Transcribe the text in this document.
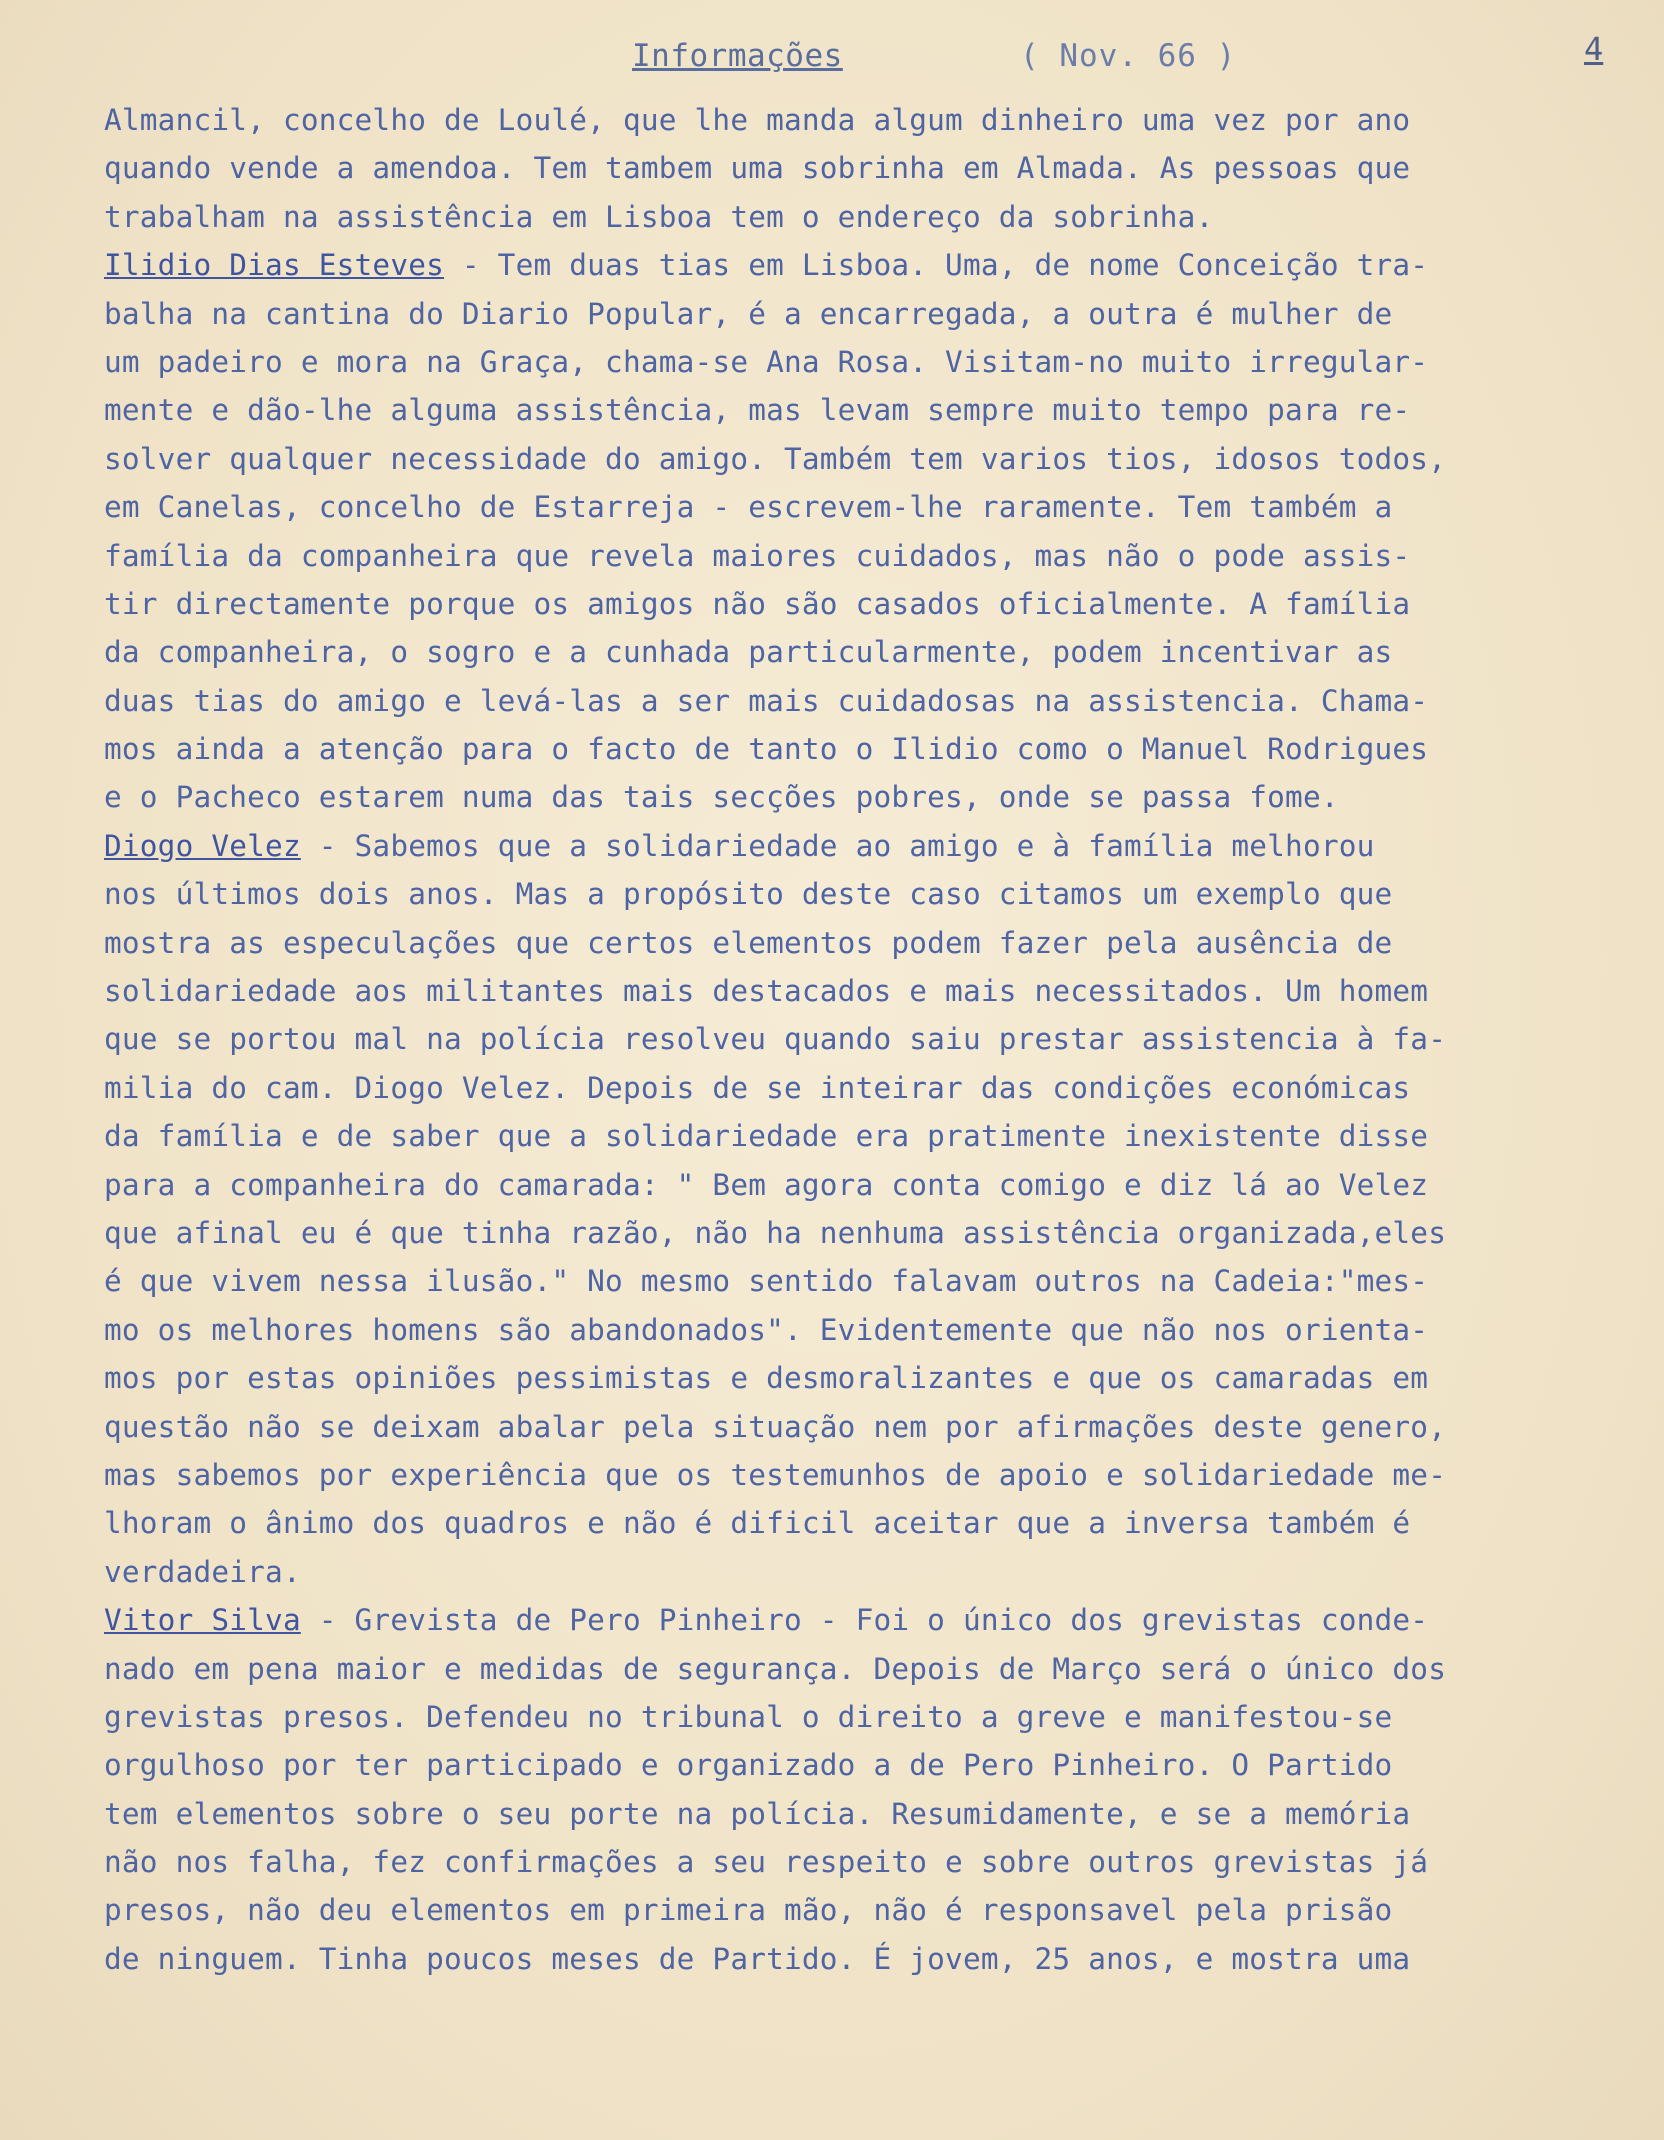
Informações	( Nov. 66 )	4
Almancil, concelho de Loulé, que lhe manda algum dinheiro uma vez por ano
quando vende a amendoa. Tem tambem uma sobrinha em Almada. As pessoas que
trabalham na assistência em Lisboa tem o endereço da sobrinha.
Ilidio Dias Esteves - Tem duas tias em Lisboa. Uma, de nome Conceição tra-
balha na cantina do Diario Popular, é a encarregada, a outra é mulher de
um padeiro e mora na Graça, chama-se Ana Rosa. Visitam-no muito irregular-
mente e dão-lhe alguma assistência, mas levam sempre muito tempo para re-
solver qualquer necessidade do amigo. Também tem varios tios, idosos todos,
em Canelas, concelho de Estarreja - escrevem-lhe raramente. Tem também a
família da companheira que revela maiores cuidados, mas não o pode assis-
tir directamente porque os amigos não são casados oficialmente. A família
da companheira, o sogro e a cunhada particularmente, podem incentivar as
duas tias do amigo e levá-las a ser mais cuidadosas na assistencia. Chama-
mos ainda a atenção para o facto de tanto o Ilidio como o Manuel Rodrigues
e o Pacheco estarem numa das tais secções pobres, onde se passa fome.
Diogo Velez - Sabemos que a solidariedade ao amigo e à família melhorou
nos últimos dois anos. Mas a propósito deste caso citamos um exemplo que
mostra as especulações que certos elementos podem fazer pela ausência de
solidariedade aos militantes mais destacados e mais necessitados. Um homem
que se portou mal na polícia resolveu quando saiu prestar assistencia à fa-
milia do cam. Diogo Velez. Depois de se inteirar das condições económicas
da família e de saber que a solidariedade era pratimente inexistente disse
para a companheira do camarada: " Bem agora conta comigo e diz lá ao Velez
que afinal eu é que tinha razão, não ha nenhuma assistência organizada,eles
é que vivem nessa ilusão." No mesmo sentido falavam outros na Cadeia:"mes-
mo os melhores homens são abandonados". Evidentemente que não nos orienta-
mos por estas opiniões pessimistas e desmoralizantes e que os camaradas em
questão não se deixam abalar pela situação nem por afirmações deste genero,
mas sabemos por experiência que os testemunhos de apoio e solidariedade me-
lhoram o ânimo dos quadros e não é dificil aceitar que a inversa também é
verdadeira.
Vitor Silva - Grevista de Pero Pinheiro - Foi o único dos grevistas conde-
nado em pena maior e medidas de segurança. Depois de Março será o único dos
grevistas presos. Defendeu no tribunal o direito a greve e manifestou-se
orgulhoso por ter participado e organizado a de Pero Pinheiro. O Partido
tem elementos sobre o seu porte na polícia. Resumidamente, e se a memória
não nos falha, fez confirmações a seu respeito e sobre outros grevistas já
presos, não deu elementos em primeira mão, não é responsavel pela prisão
de ninguem. Tinha poucos meses de Partido. É jovem, 25 anos, e mostra uma
